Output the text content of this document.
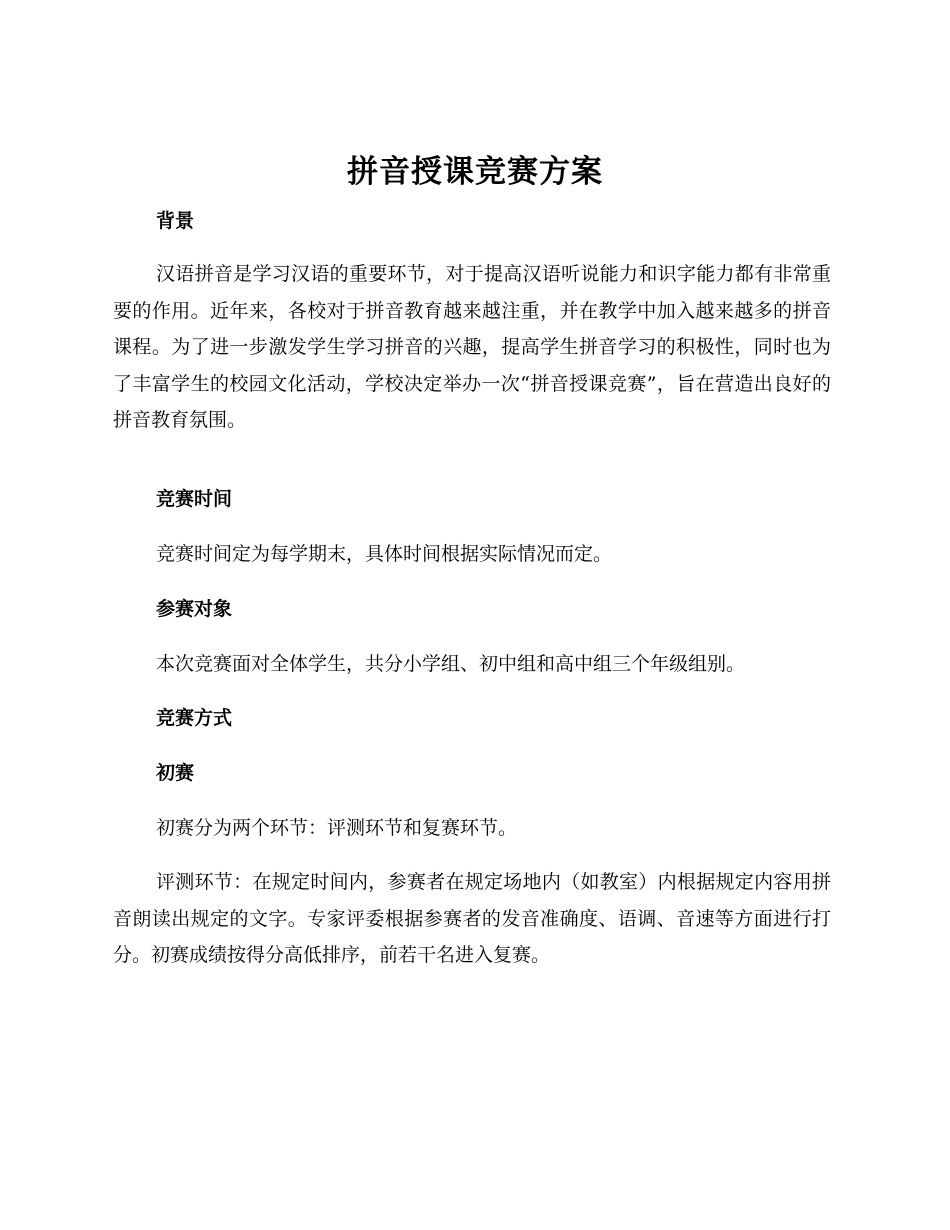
拼音授课竞赛方案
背景

汉语拼音是学习汉语的重要环节，对于提高汉语听说能力和识字能力都有非常重要的作用。近年来，各校对于拼音教育越来越注重，并在教学中加入越来越多的拼音课程。为了进一步激发学生学习拼音的兴趣，提高学生拼音学习的积极性，同时也为了丰富学生的校园文化活动，学校决定举办一次“拼音授课竞赛”，旨在营造出良好的拼音教育氛围。

竞赛时间

竞赛时间定为每学期末，具体时间根据实际情况而定。

参赛对象

本次竞赛面对全体学生，共分小学组、初中组和高中组三个年级组别。

竞赛方式
初赛

初赛分为两个环节：评测环节和复赛环节。

评测环节：在规定时间内，参赛者在规定场地内（如教室）内根据规定内容用拼音朗读出规定的文字。专家评委根据参赛者的发音准确度、语调、音速等方面进行打分。初赛成绩按得分高低排序，前若干名进入复赛。
